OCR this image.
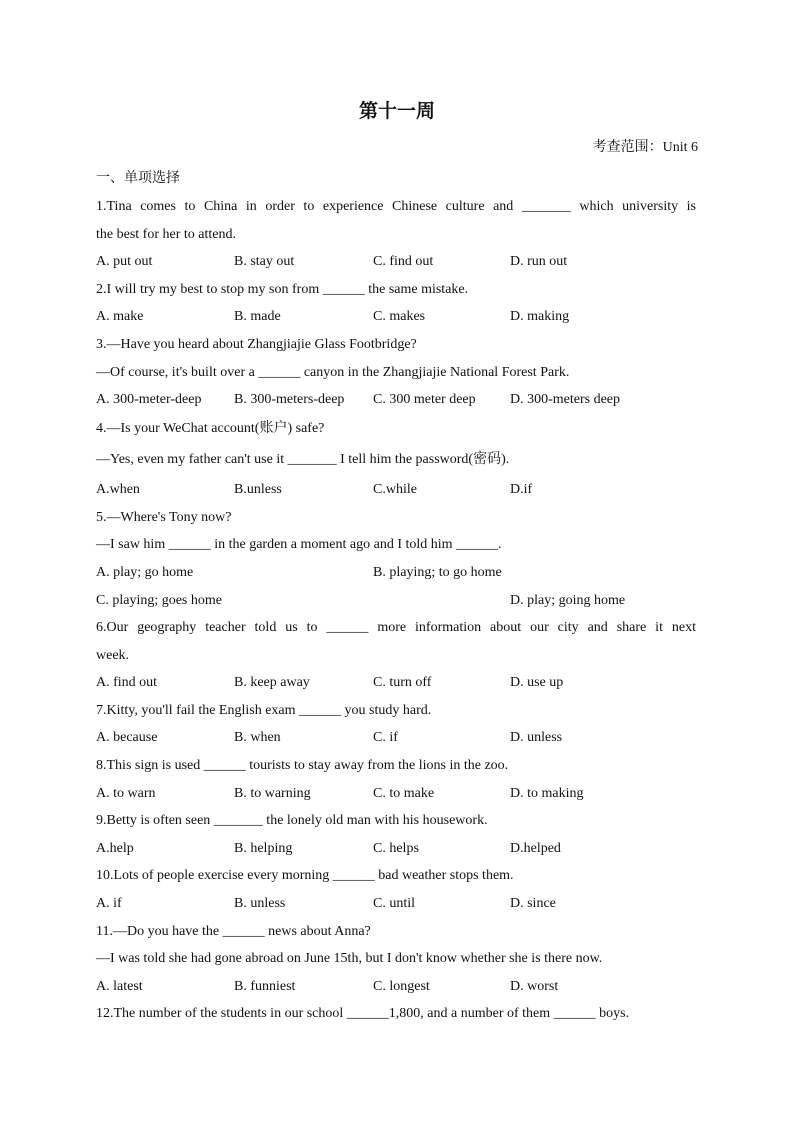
第十一周
考查范围：Unit 6
一、单项选择
1.Tina comes to China in order to experience Chinese culture and _______ which university is
the best for her to attend.
A. put out	B. stay out	C. find out	D. run out
2.I will try my best to stop my son from ______ the same mistake.
A. make	B. made	C. makes	D. making
3.—Have you heard about Zhangjiajie Glass Footbridge?
—Of course, it's built over a ______ canyon in the Zhangjiajie National Forest Park.
A. 300-meter-deep B. 300-meters-deep C. 300 meter deep D. 300-meters deep
4.—Is your WeChat account(账户) safe?
—Yes, even my father can't use it _______ I tell him the password(密码).
A.when	B.unless	C.while	D.if
5.—Where's Tony now?
—I saw him ______ in the garden a moment ago and I told him ______.
A. play; go home	B. playing; to go home
C. playing; goes home	D. play; going home
6.Our geography teacher told us to ______ more information about our city and share it next
week.
A. find out	B. keep away	C. turn off	D. use up
7.Kitty, you'll fail the English exam ______ you study hard.
A. because	B. when	C. if	D. unless
8.This sign is used ______ tourists to stay away from the lions in the zoo.
A. to warn	B. to warning	C. to make	D. to making
9.Betty is often seen _______ the lonely old man with his housework.
A.help	B. helping	C. helps	D.helped
10.Lots of people exercise every morning ______ bad weather stops them.
A. if	B. unless	C. until	D. since
11.—Do you have the ______ news about Anna?
—I was told she had gone abroad on June 15th, but I don't know whether she is there now.
A. latest	B. funniest	C. longest	D. worst
12.The number of the students in our school ______1,800, and a number of them ______ boys.
